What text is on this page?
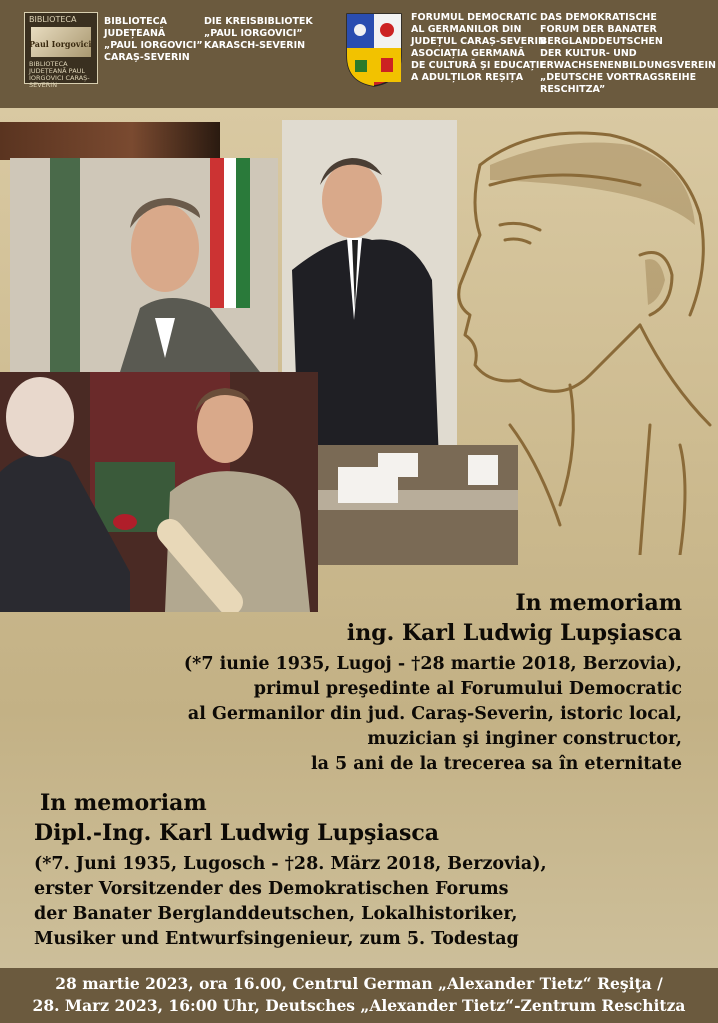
BIBLIOTECA
Paul Iorgovici
BIBLIOTECA JUDEȚEANĂ PAUL IORGOVICI CARAȘ-SEVERIN
BIBLIOTECA
JUDEȚEANĂ
„PAUL IORGOVICI”
CARAȘ-SEVERIN
DIE KREISBIBLIOTEK
„PAUL IORGOVICI”
KARASCH-SEVERIN
FORUMUL DEMOCRATIC
AL GERMANILOR DIN
JUDEȚUL CARAȘ-SEVERIN
ASOCIAȚIA GERMANĂ
DE CULTURĂ ȘI EDUCAȚIE
A ADULȚILOR REȘIȚA
DAS DEMOKRATISCHE
FORUM DER BANATER
BERGLANDDEUTSCHEN
DER KULTUR- UND
ERWACHSENENBILDUNGSVEREIN
„DEUTSCHE VORTRAGSREIHE
RESCHITZA”
In memoriam
ing. Karl Ludwig Lupşiasca
(*7 iunie 1935, Lugoj - †28 martie 2018, Berzovia),
primul preşedinte al Forumului Democratic
al Germanilor din jud. Caraş-Severin, istoric local,
muzician şi inginer constructor,
la 5 ani de la trecerea sa în eternitate
In memoriam
Dipl.-Ing. Karl Ludwig Lupşiasca
(*7. Juni 1935, Lugosch - †28. März 2018, Berzovia),
erster Vorsitzender des Demokratischen Forums
der Banater Berglanddeutschen, Lokalhistoriker,
Musiker und Entwurfsingenieur, zum 5. Todestag
28 martie 2023, ora 16.00, Centrul German „Alexander Tietz“ Reşiţa /
28. Marz 2023, 16:00 Uhr, Deutsches „Alexander Tietz“-Zentrum Reschitza
